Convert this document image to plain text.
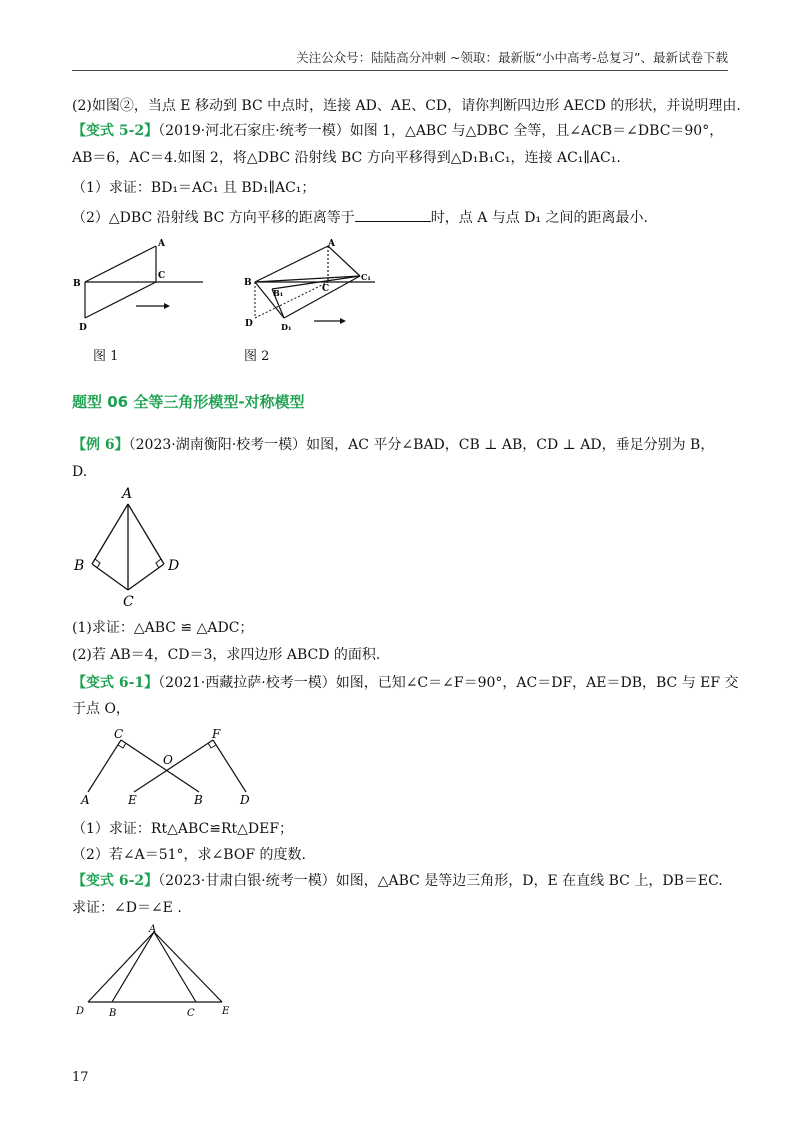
关注公众号：陆陆高分冲刺 ~领取：最新版“小中高考-总复习”、最新试卷下载
(2)如图②，当点 E 移动到 BC 中点时，连接 AD、AE、CD，请你判断四边形 AECD 的形状，并说明理由.
【变式 5-2】（2019·河北石家庄·统考一模）如图 1，△ABC 与△DBC 全等，且∠ACB＝∠DBC＝90°，
AB＝6，AC＝4.如图 2，将△DBC 沿射线 BC 方向平移得到△D₁B₁C₁，连接 AC₁∥AC₁.
（1）求证：BD₁＝AC₁ 且 BD₁∥AC₁；
（2）△DBC 沿射线 BC 方向平移的距离等于	时，点 A 与点 D₁ 之间的距离最小.
A
B
C
D
图 1
A
B
B₁	C
C₁
D	D₁
图 2
题型 06 全等三角形模型-对称模型
【例 6】（2023·湖南衡阳·校考一模）如图，AC 平分∠BAD，CB ⊥ AB，CD ⊥ AD，垂足分别为 B，
D.
A
B
C
D
(1)求证：△ABC ≌ △ADC；
(2)若 AB＝4，CD＝3，求四边形 ABCD 的面积.
【变式 6-1】（2021·西藏拉萨·校考一模）如图，已知∠C＝∠F＝90°，AC＝DF，AE＝DB，BC 与 EF 交
于点 O，
C	F
O
A	E	B	D
（1）求证：Rt△ABC≌Rt△DEF；
（2）若∠A＝51°，求∠BOF 的度数.
【变式 6-2】（2023·甘肃白银·统考一模）如图，△ABC 是等边三角形，D，E 在直线 BC 上，DB＝EC.
求证：∠D＝∠E .
A
D B	C	E
17
